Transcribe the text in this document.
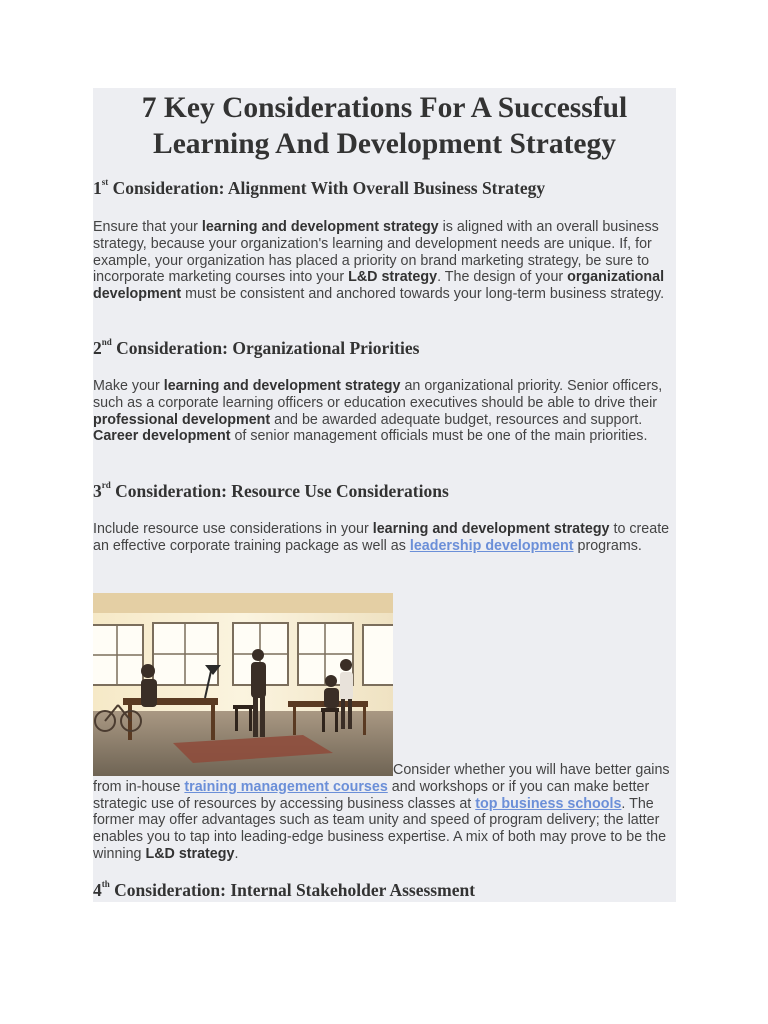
7 Key Considerations For A Successful Learning And Development Strategy
1st Consideration: Alignment With Overall Business Strategy

Ensure that your learning and development strategy is aligned with an overall business strategy, because your organization's learning and development needs are unique. If, for example, your organization has placed a priority on brand marketing strategy, be sure to incorporate marketing courses into your L&D strategy. The design of your organizational development must be consistent and anchored towards your long-term business strategy.

2nd Consideration: Organizational Priorities

Make your learning and development strategy an organizational priority. Senior officers, such as a corporate learning officers or education executives should be able to drive their professional development and be awarded adequate budget, resources and support. Career development of senior management officials must be one of the main priorities.

3rd Consideration: Resource Use Considerations

Include resource use considerations in your learning and development strategy to create an effective corporate training package as well as leadership development programs.

Consider whether you will have better gains from in-house training management courses and workshops or if you can make better strategic use of resources by accessing business classes at top business schools. The former may offer advantages such as team unity and speed of program delivery; the latter enables you to tap into leading-edge business expertise. A mix of both may prove to be the winning L&D strategy.

4th Consideration: Internal Stakeholder Assessment
